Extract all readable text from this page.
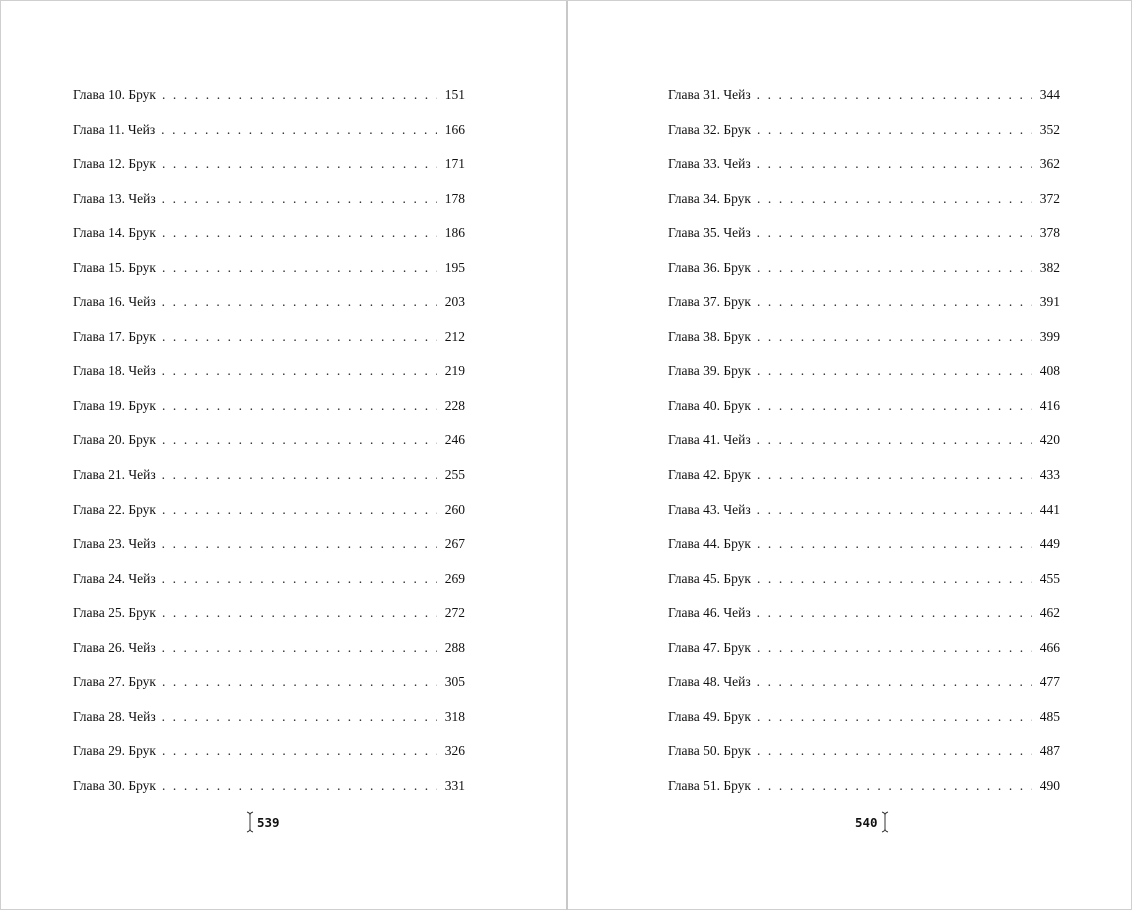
Глава 10. Брук . . .	151
Глава 11. Чейз . . .	166
Глава 12. Брук . . .	171
Глава 13. Чейз . . .	178
Глава 14. Брук . . .	186
Глава 15. Брук . . .	195
Глава 16. Чейз . . .	203
Глава 17. Брук . . .	212
Глава 18. Чейз . . .	219
Глава 19. Брук . . .	228
Глава 20. Брук . . .	246
Глава 21. Чейз . . .	255
Глава 22. Брук . . .	260
Глава 23. Чейз . . .	267
Глава 24. Чейз . . .	269
Глава 25. Брук . . .	272
Глава 26. Чейз . . .	288
Глава 27. Брук . . .	305
Глава 28. Чейз . . .	318
Глава 29. Брук . . .	326
Глава 30. Брук . . .	331
539
Глава 31. Чейз . . .	344
Глава 32. Брук . . .	352
Глава 33. Чейз . . .	362
Глава 34. Брук . . .	372
Глава 35. Чейз . . .	378
Глава 36. Брук . . .	382
Глава 37. Брук . . .	391
Глава 38. Брук . . .	399
Глава 39. Брук . . .	408
Глава 40. Брук . . .	416
Глава 41. Чейз . . .	420
Глава 42. Брук . . .	433
Глава 43. Чейз . . .	441
Глава 44. Брук . . .	449
Глава 45. Брук . . .	455
Глава 46. Чейз . . .	462
Глава 47. Брук . . .	466
Глава 48. Чейз . . .	477
Глава 49. Брук . . .	485
Глава 50. Брук . . .	487
Глава 51. Брук . . .	490
540
